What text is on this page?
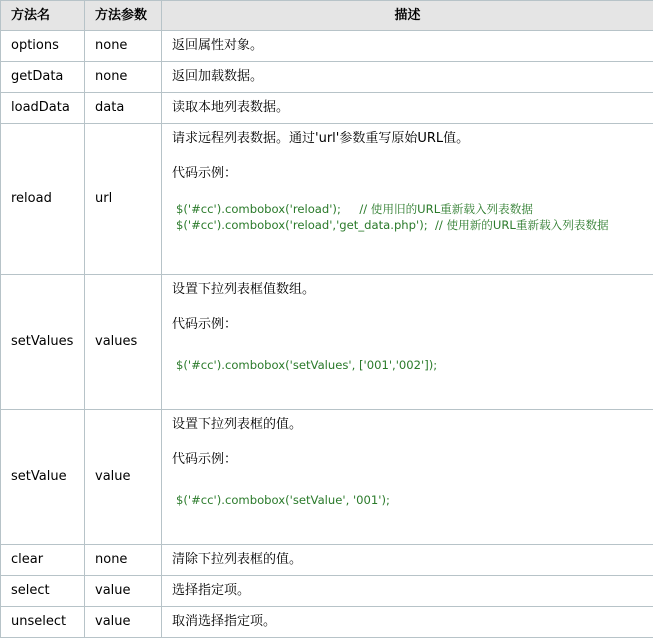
方法名	方法参数	描述
options	none	返回属性对象。
getData	none	返回加载数据。
loadData	data	读取本地列表数据。
reload	url	请求远程列表数据。通过'url'参数重写原始URL值。
代码示例：
$('#cc').combobox('reload'); // 使用旧的URL重新载入列表数据
$('#cc').combobox('reload','get_data.php'); // 使用新的URL重新载入列表数据

setValues	values	设置下拉列表框值数组。
代码示例：
$('#cc').combobox('setValues', ['001','002']);

setValue	value	设置下拉列表框的值。
代码示例：
$('#cc').combobox('setValue', '001');

clear	none	清除下拉列表框的值。
select	value	选择指定项。
unselect	value	取消选择指定项。
